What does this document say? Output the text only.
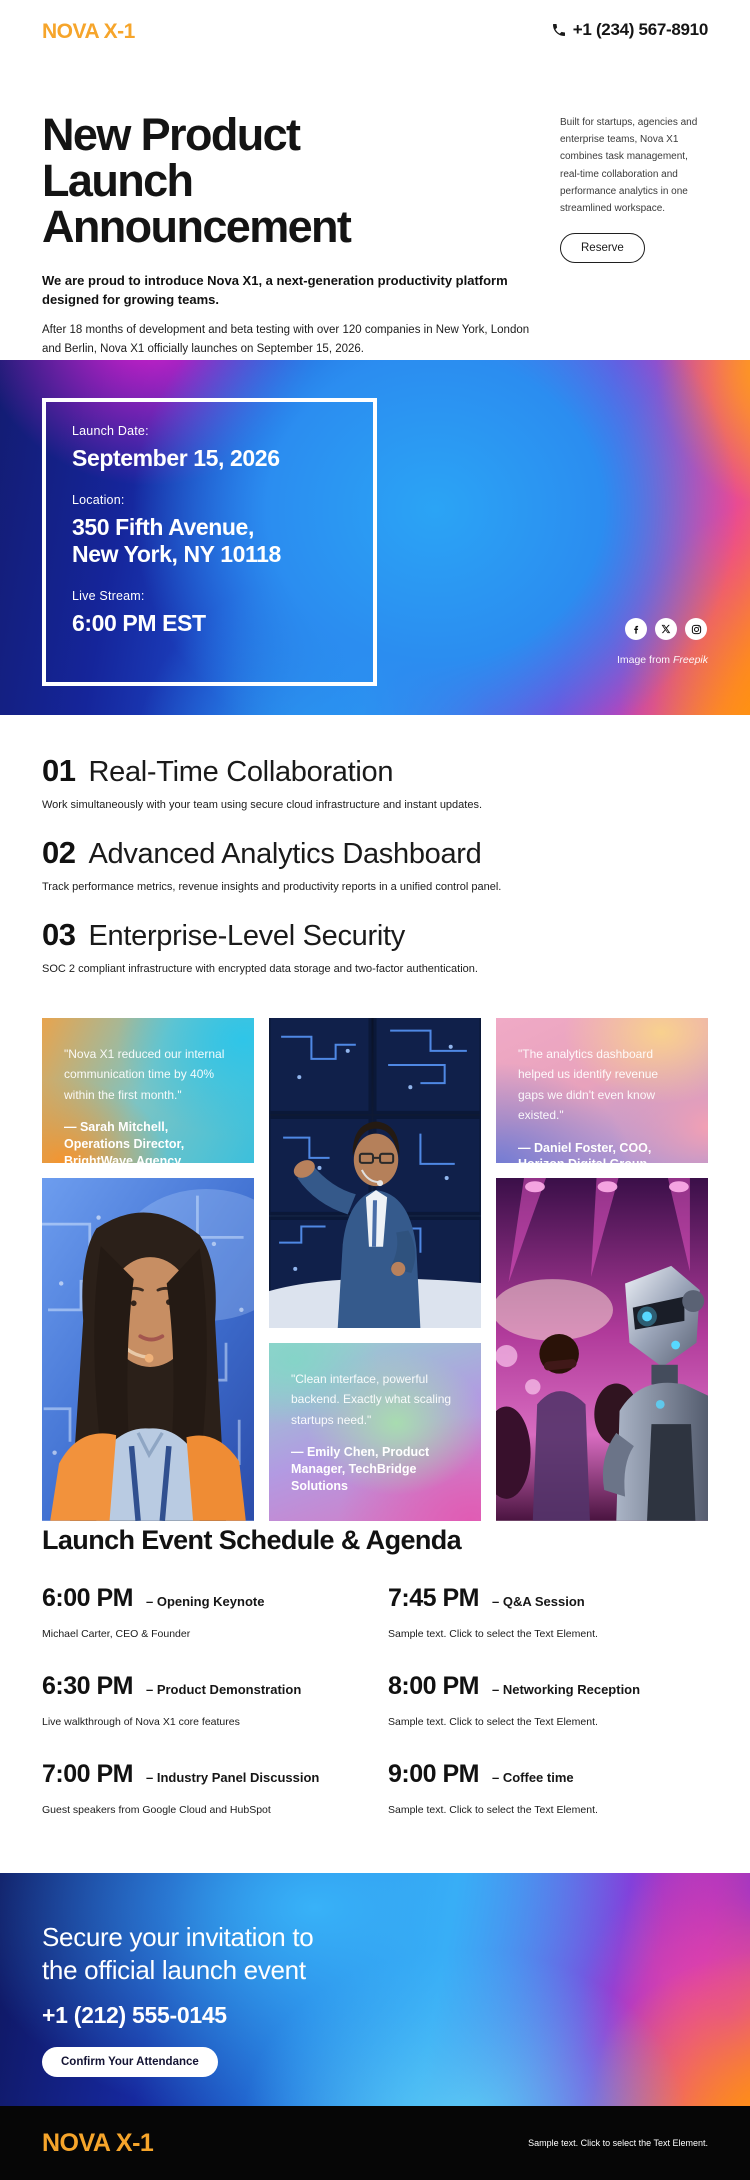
NOVA X-1	+1 (234) 567-8910
New Product
Launch
Announcement

We are proud to introduce Nova X1, a next-generation productivity platform designed for growing teams.

After 18 months of development and beta testing with over 120 companies in New York, London and Berlin, Nova X1 officially launches on September 15, 2026.

Built for startups, agencies and enterprise teams, Nova X1 combines task management, real-time collaboration and performance analytics in one streamlined workspace.

Reserve
Launch Date:
September 15, 2026
Location:
350 Fifth Avenue,
New York, NY 10118
Live Stream:
6:00 PM EST
Image from Freepik
01 Real-Time Collaboration

Work simultaneously with your team using secure cloud infrastructure and instant updates.

02 Advanced Analytics Dashboard

Track performance metrics, revenue insights and productivity reports in a unified control panel.

03 Enterprise-Level Security

SOC 2 compliant infrastructure with encrypted data storage and two-factor authentication.

"Nova X1 reduced our internal communication time by 40% within the first month."

— Sarah Mitchell, Operations Director, BrightWave Agency

"Clean interface, powerful backend. Exactly what scaling startups need."

— Emily Chen, Product Manager, TechBridge Solutions

"The analytics dashboard helped us identify revenue gaps we didn't even know existed."

— Daniel Foster, COO, Horizon Digital Group

Launch Event Schedule & Agenda
6:00 PM – Opening Keynote

Michael Carter, CEO & Founder

7:45 PM – Q&A Session

Sample text. Click to select the Text Element.

6:30 PM – Product Demonstration

Live walkthrough of Nova X1 core features

8:00 PM – Networking Reception

Sample text. Click to select the Text Element.

7:00 PM – Industry Panel Discussion

Guest speakers from Google Cloud and HubSpot

9:00 PM – Coffee time

Sample text. Click to select the Text Element.

Secure your invitation to
the official launch event
+1 (212) 555-0145
Confirm Your Attendance
NOVA X-1	Sample text. Click to select the Text Element.
